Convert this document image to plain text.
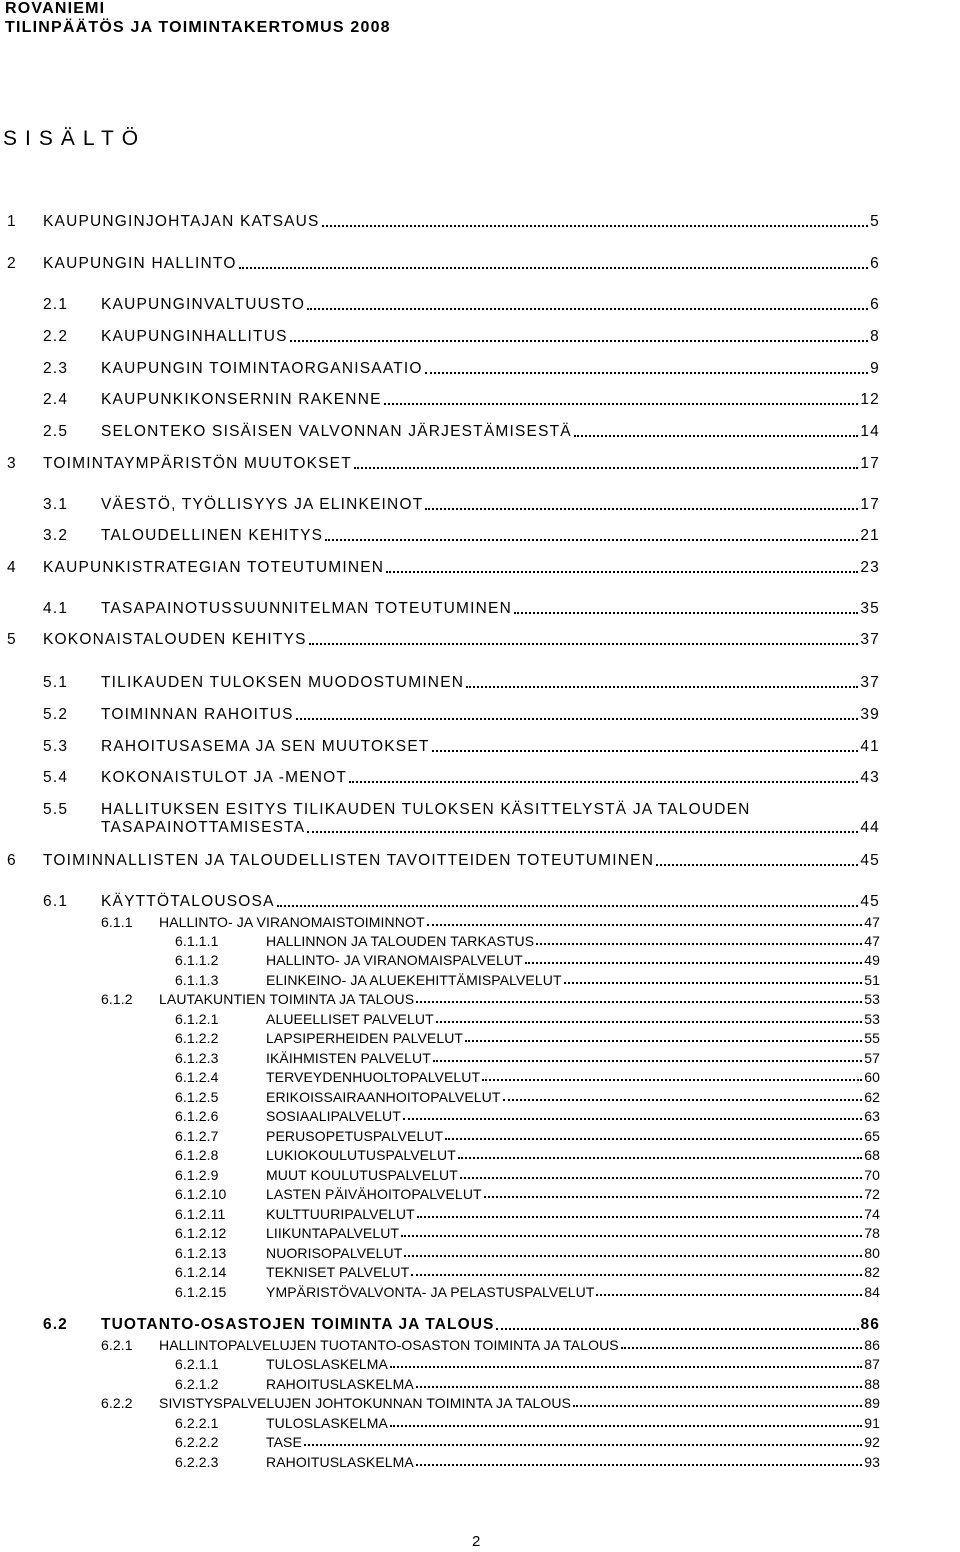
ROVANIEMI
TILINPÄÄTÖS JA TOIMINTAKERTOMUS 2008
SISÄLTÖ
1 KAUPUNGINJOHTAJAN KATSAUS	5
2 KAUPUNGIN HALLINTO	6
2.1 KAUPUNGINVALTUUSTO	6
2.2 KAUPUNGINHALLITUS	8
2.3 KAUPUNGIN TOIMINTAORGANISAATIO	9
2.4 KAUPUNKIKONSERNIN RAKENNE	12
2.5 SELONTEKO SISÄISEN VALVONNAN JÄRJESTÄMISESTÄ	14
3 TOIMINTAYMPÄRISTÖN MUUTOKSET	17
3.1 VÄESTÖ, TYÖLLISYYS JA ELINKEINOT	17
3.2 TALOUDELLINEN KEHITYS	21
4 KAUPUNKISTRATEGIAN TOTEUTUMINEN	23
4.1 TASAPAINOTUSSUUNNITELMAN TOTEUTUMINEN	35
5 KOKONAISTALOUDEN KEHITYS	37
5.1 TILIKAUDEN TULOKSEN MUODOSTUMINEN	37
5.2 TOIMINNAN RAHOITUS	39
5.3 RAHOITUSASEMA JA SEN MUUTOKSET	41
5.4 KOKONAISTULOT JA -MENOT	43
5.5 HALLITUKSEN ESITYS TILIKAUDEN TULOKSEN KÄSITTELYSTÄ JA TALOUDEN
TASAPAINOTTAMISESTA	44
6 TOIMINNALLISTEN JA TALOUDELLISTEN TAVOITTEIDEN TOTEUTUMINEN	45
6.1 KÄYTTÖTALOUSOSA	45
6.1.1 HALLINTO- JA VIRANOMAISTOIMINNOT	47
6.1.1.1	HALLINNON JA TALOUDEN TARKASTUS	47
6.1.1.2	HALLINTO- JA VIRANOMAISPALVELUT	49
6.1.1.3	ELINKEINO- JA ALUEKEHITTÄMISPALVELUT	51
6.1.2 LAUTAKUNTIEN TOIMINTA JA TALOUS	53
6.1.2.1	ALUEELLISET PALVELUT	53
6.1.2.2	LAPSIPERHEIDEN PALVELUT	55
6.1.2.3	IKÄIHMISTEN PALVELUT	57
6.1.2.4	TERVEYDENHUOLTOPALVELUT	60
6.1.2.5	ERIKOISSAIRAANHOITOPALVELUT	62
6.1.2.6	SOSIAALIPALVELUT	63
6.1.2.7	PERUSOPETUSPALVELUT	65
6.1.2.8	LUKIOKOULUTUSPALVELUT	68
6.1.2.9	MUUT KOULUTUSPALVELUT	70
6.1.2.10	LASTEN PÄIVÄHOITOPALVELUT	72
6.1.2.11	KULTTUURIPALVELUT	74
6.1.2.12	LIIKUNTAPALVELUT	78
6.1.2.13	NUORISOPALVELUT	80
6.1.2.14	TEKNISET PALVELUT	82
6.1.2.15	YMPÄRISTÖVALVONTA- JA PELASTUSPALVELUT	84
6.2 TUOTANTO-OSASTOJEN TOIMINTA JA TALOUS	86
6.2.1 HALLINTOPALVELUJEN TUOTANTO-OSASTON TOIMINTA JA TALOUS	86
6.2.1.1	TULOSLASKELMA	87
6.2.1.2	RAHOITUSLASKELMA	88
6.2.2 SIVISTYSPALVELUJEN JOHTOKUNNAN TOIMINTA JA TALOUS	89
6.2.2.1	TULOSLASKELMA	91
6.2.2.2	TASE	92
6.2.2.3	RAHOITUSLASKELMA	93
2
